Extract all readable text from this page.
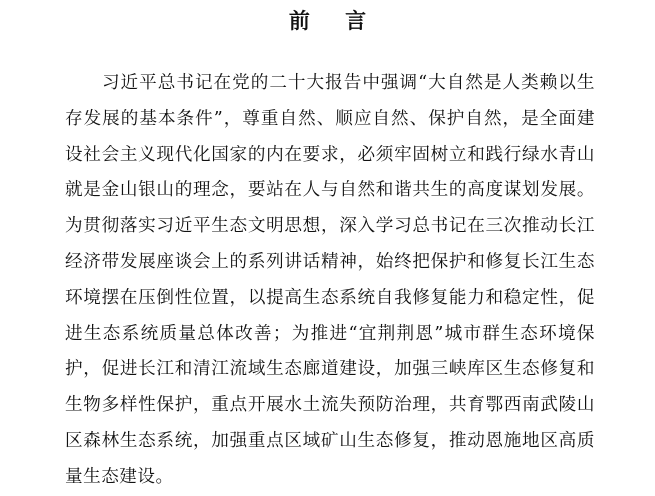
前 言

习近平总书记在党的二十大报告中强调“大自然是人类赖以生存发展的基本条件”，尊重自然、顺应自然、保护自然，是全面建设社会主义现代化国家的内在要求，必须牢固树立和践行绿水青山就是金山银山的理念，要站在人与自然和谐共生的高度谋划发展。为贯彻落实习近平生态文明思想，深入学习总书记在三次推动长江经济带发展座谈会上的系列讲话精神，始终把保护和修复长江生态环境摆在压倒性位置，以提高生态系统自我修复能力和稳定性，促进生态系统质量总体改善；为推进“宜荆荆恩”城市群生态环境保护，促进长江和清江流域生态廊道建设，加强三峡库区生态修复和生物多样性保护，重点开展水土流失预防治理，共育鄂西南武陵山区森林生态系统，加强重点区域矿山生态修复，推动恩施地区高质量生态建设。
